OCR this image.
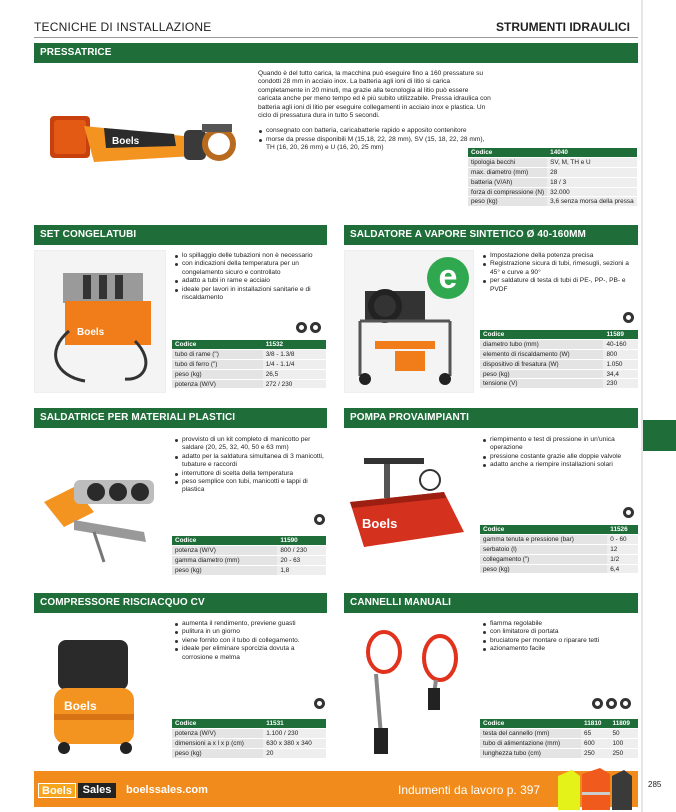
285
TECNICHE DI INSTALLAZIONE	STRUMENTI IDRAULICI
PRESSATRICE
Boels

Quando è del tutto carica, la macchina può eseguire fino a 160 pressature su condotti 28 mm in acciaio inox. La batteria agli ioni di litio si carica completamente in 20 minuti, ma grazie alla tecnologia al litio può essere caricata anche per meno tempo ed è più subito utilizzabile. Pressa idraulica con batteria agli ioni di litio per eseguire collegamenti in acciaio inox e plastica. Un ciclo di pressatura dura in tutto 5 secondi.

consegnato con batteria, caricabatterie rapido e apposito contenitore
morse da presse disponibili M (15,18, 22, 28 mm), SV (15, 18, 22, 28 mm), TH (16, 20, 26 mm) e U (16, 20, 25 mm)
Codice	14040
tipologia becchi	SV, M, TH e U
max. diametro (mm)	28
batteria (V/Ah)	18 / 3
forza di compressione (N)	32.000
peso (kg)	3,6 senza morsa della pressa
SET CONGELATUBI
Boels
lo spillaggio delle tubazioni non è necessario
con indicazioni della temperatura per un congelamento sicuro e controllato
adatto a tubi in rame e acciaio
ideale per lavori in installazioni sanitarie e di riscaldamento
Codice	11532
tubo di rame (")	3/8 - 1.3/8
tubo di ferro (")	1/4 - 1.1/4
peso (kg)	26,5
potenza (W/V)	272 / 230
SALDATORE A VAPORE SINTETICO Ø 40-160MM
e
Impostazione della potenza precisa
Registrazione sicura di tubi, rimesugli, sezioni a 45° e curve a 90°
per saldature di testa di tubi di PE-, PP-, PB- e PVDF
Codice	11589
diametro tubo (mm)	40-160
elemento di riscaldamento (W)	800
dispositivo di fresatura (W)	1.050
peso (kg)	34,4
tensione (V)	230
SALDATRICE PER MATERIALI PLASTICI
provvisto di un kit completo di manicotto per saldare (20, 25, 32, 40, 50 e 63 mm)
adatto per la saldatura simultanea di 3 manicotti, tubature e raccordi
interruttore di scelta della temperatura
peso semplice con tubi, manicotti e tappi di plastica
Codice	11590
potenza (W/V)	800 / 230
gamma diametro (mm)	20 - 63
peso (kg)	1,8
POMPA PROVAIMPIANTI
Boels
riempimento e test di pressione in un'unica operazione
pressione costante grazie alle doppie valvole
adatto anche a riempire installazioni solari
Codice	11526
gamma tenuta e pressione (bar)	0 - 60
serbatoio (l)	12
collegamento (")	1/2
peso (kg)	6,4
COMPRESSORE RISCIACQUO CV
Boels
aumenta il rendimento, previene guasti
pulitura in un giorno
viene fornito con il tubo di collegamento.
ideale per eliminare sporcizia dovuta a corrosione e melma
Codice	11531
potenza (W/V)	1.100 / 230
dimensioni a x l x p (cm)	630 x 380 x 340
peso (kg)	20
CANNELLI MANUALI
fiamma regolabile
con limitatore di portata
bruciatore per montare o riparare tetti
azionamento facile
Codice	11810	11809
testa del cannello (mm)	65	50
tubo di alimentazione (mm)	600	100
lunghezza tubo (cm)	250	250
Boels Sales	boelssales.com	Indumenti da lavoro p. 397
